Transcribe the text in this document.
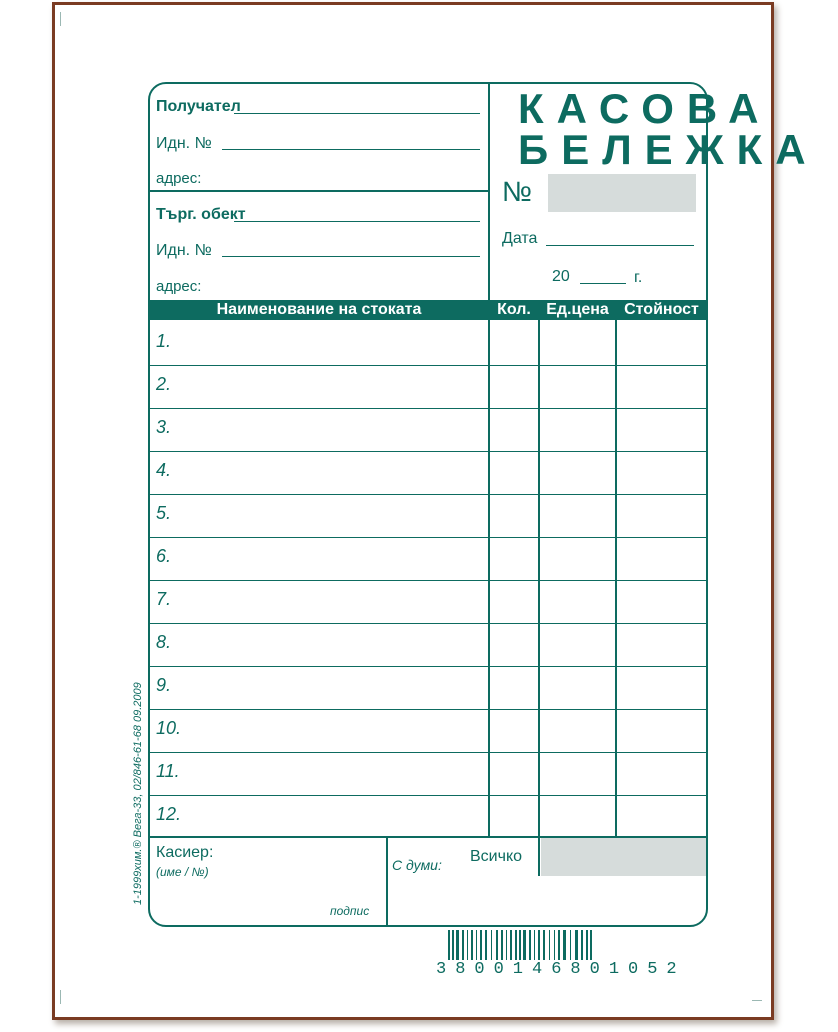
Получател
Идн. №
адрес:
Търг. обект
Идн. №
адрес:
КАСОВА
БЕЛЕЖКА
№
Дата
20	г.
Наименование на стоката	Кол. Ед.цена Стойност
1.
2.
3.
4.
5.
6.
7.
8.
9.
10.
11.
12.
Касиер:
(име / №)
подпис
С думи: Всичко
1-1999хим.® Вега-33, 02/846-61-68 09.2009
3800146801052
